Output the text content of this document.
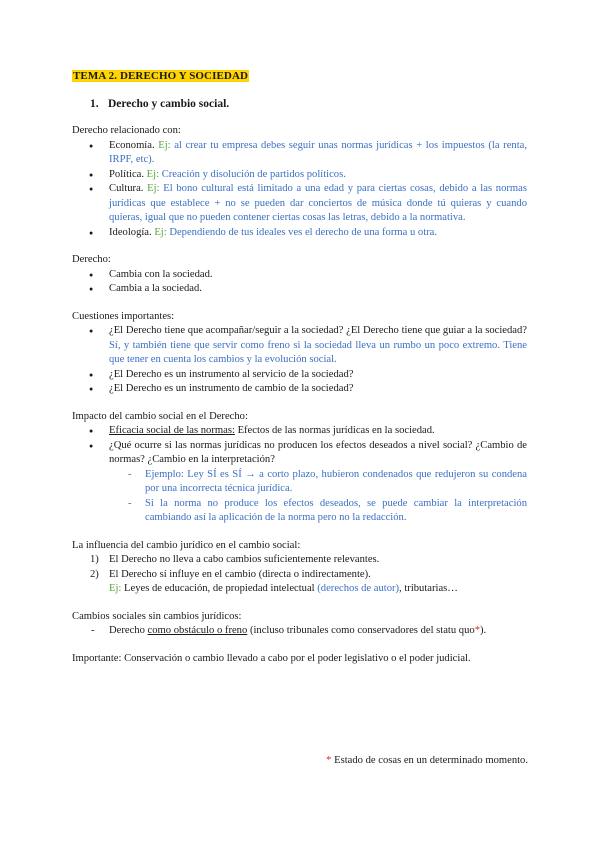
TEMA 2. DERECHO Y SOCIEDAD
1. Derecho y cambio social.

Derecho relacionado con:

● Economía. Ej: al crear tu empresa debes seguir unas normas jurídicas + los impuestos (la renta, IRPF, etc).
● Política. Ej: Creación y disolución de partidos políticos.
● Cultura. Ej: El bono cultural está limitado a una edad y para ciertas cosas, debido a las normas jurídicas que establece + no se pueden dar conciertos de música donde tú quieras y cuando quieras, igual que no pueden contener ciertas cosas las letras, debido a la normativa.
● Ideología. Ej: Dependiendo de tus ideales ves el derecho de una forma u otra.

Derecho:

● Cambia con la sociedad.
● Cambia a la sociedad.

Cuestiones importantes:

● ¿El Derecho tiene que acompañar/seguir a la sociedad? ¿El Derecho tiene que guiar a la sociedad? Sí, y también tiene que servir como freno si la sociedad lleva un rumbo un poco extremo. Tiene que tener en cuenta los cambios y la evolución social.
● ¿El Derecho es un instrumento al servicio de la sociedad?
● ¿El Derecho es un instrumento de cambio de la sociedad?

Impacto del cambio social en el Derecho:

● Eficacia social de las normas: Efectos de las normas jurídicas en la sociedad.
● ¿Qué ocurre si las normas jurídicas no producen los efectos deseados a nivel social? ¿Cambio de normas? ¿Cambio en la interpretación?
- Ejemplo: Ley SÍ es SÍ → a corto plazo, hubieron condenados que redujeron su condena por una incorrecta técnica jurídica.
- Si la norma no produce los efectos deseados, se puede cambiar la interpretación cambiando así la aplicación de la norma pero no la redacción.

La influencia del cambio jurídico en el cambio social:

1) El Derecho no lleva a cabo cambios suficientemente relevantes.
2) El Derecho sí influye en el cambio (directa o indirectamente).
Ej: Leyes de educación, de propiedad intelectual (derechos de autor), tributarias…

Cambios sociales sin cambios jurídicos:

- Derecho como obstáculo o freno (incluso tribunales como conservadores del statu quo*).

Importante: Conservación o cambio llevado a cabo por el poder legislativo o el poder judicial.

* Estado de cosas en un determinado momento.
